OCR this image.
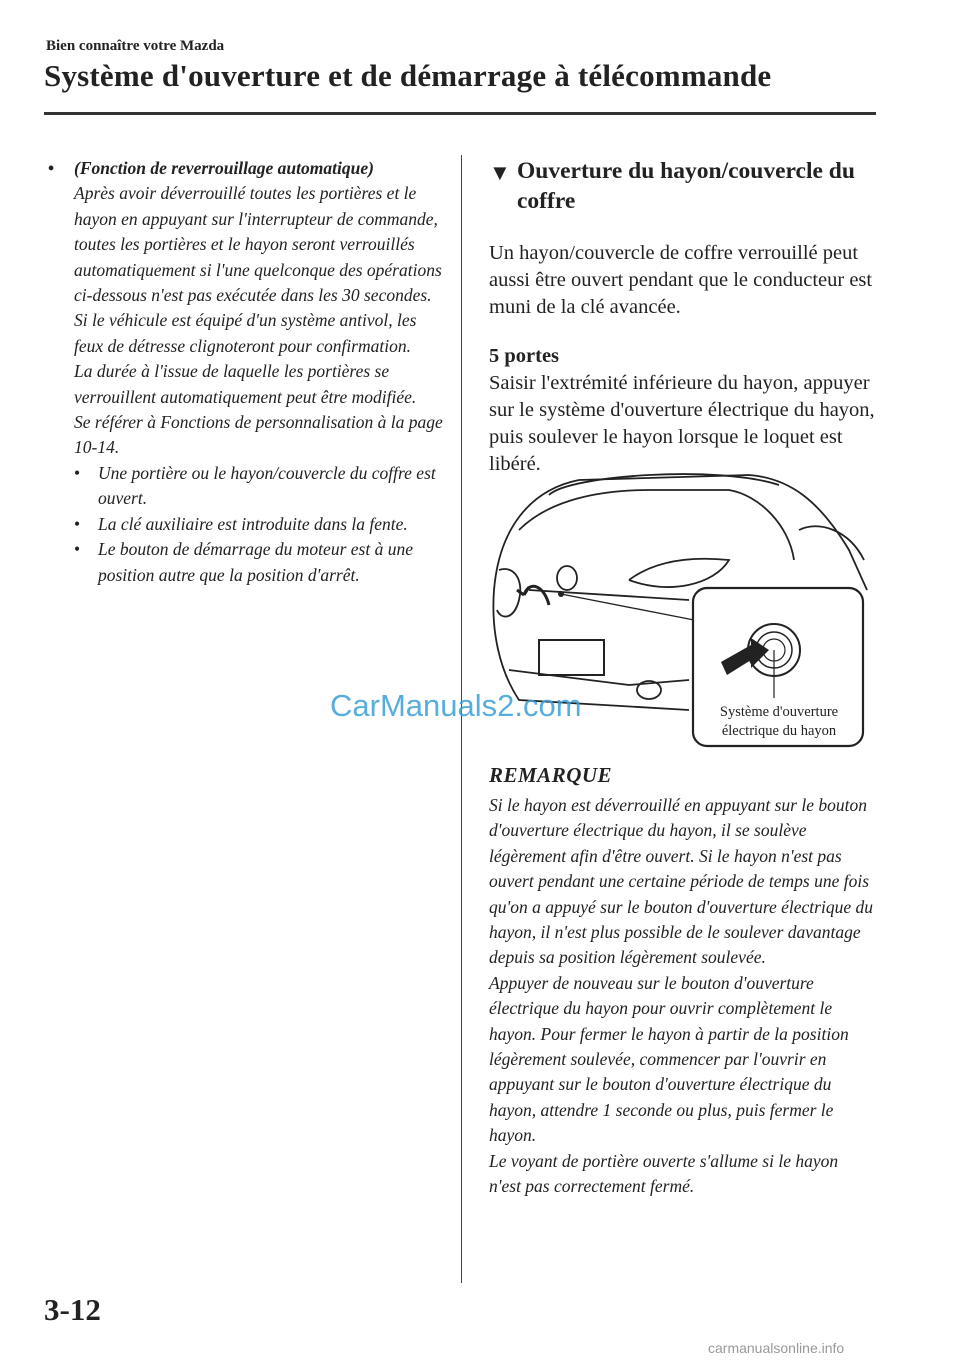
Bien connaître votre Mazda
Système d'ouverture et de démarrage à télécommande
• (Fonction de reverrouillage automatique)
Après avoir déverrouillé toutes les portières et le hayon en appuyant sur l'interrupteur de commande, toutes les portières et le hayon seront verrouillés automatiquement si l'une quelconque des opérations ci-dessous n'est pas exécutée dans les 30 secondes. Si le véhicule est équipé d'un système antivol, les feux de détresse clignoteront pour confirmation.
La durée à l'issue de laquelle les portières se verrouillent automatiquement peut être modifiée.
Se référer à Fonctions de personnalisation à la page 10-14.
• Une portière ou le hayon/couvercle du coffre est ouvert.
• La clé auxiliaire est introduite dans la fente.
• Le bouton de démarrage du moteur est à une position autre que la position d'arrêt.
▼ Ouverture du hayon/couvercle du coffre
Un hayon/couvercle de coffre verrouillé peut aussi être ouvert pendant que le conducteur est muni de la clé avancée.
5 portes
Saisir l'extrémité inférieure du hayon, appuyer sur le système d'ouverture électrique du hayon, puis soulever le hayon lorsque le loquet est libéré.
Système d'ouverture
électrique du hayon
REMARQUE
Si le hayon est déverrouillé en appuyant sur le bouton d'ouverture électrique du hayon, il se soulève légèrement afin d'être ouvert. Si le hayon n'est pas ouvert pendant une certaine période de temps une fois qu'on a appuyé sur le bouton d'ouverture électrique du hayon, il n'est plus possible de le soulever davantage depuis sa position légèrement soulevée.
Appuyer de nouveau sur le bouton d'ouverture électrique du hayon pour ouvrir complètement le hayon. Pour fermer le hayon à partir de la position légèrement soulevée, commencer par l'ouvrir en appuyant sur le bouton d'ouverture électrique du hayon, attendre 1 seconde ou plus, puis fermer le hayon.
Le voyant de portière ouverte s'allume si le hayon n'est pas correctement fermé.
CarManuals2.com
3-12
carmanualsonline.info
